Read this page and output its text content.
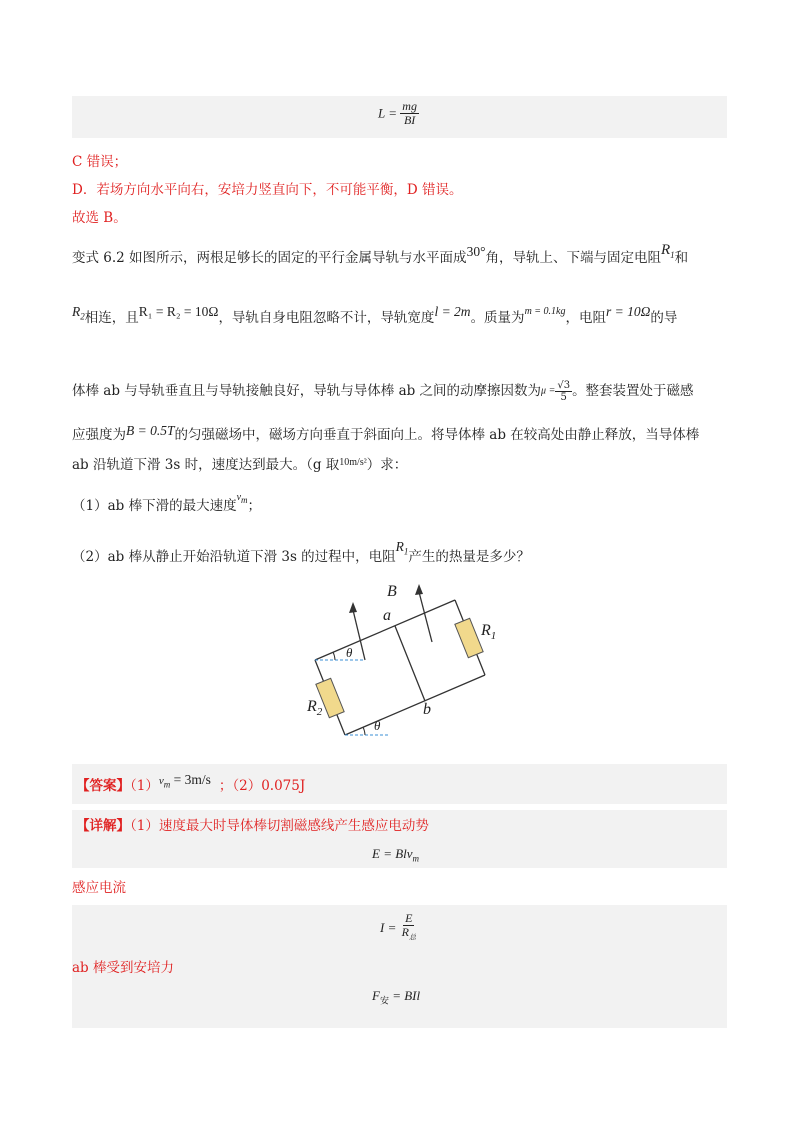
$L = \frac{mg}{BI}$
C 错误；
D．若场方向水平向右，安培力竖直向下，不可能平衡，D 错误。
故选 B。
变式 6.2 如图所示，两根足够长的固定的平行金属导轨与水平面成30°角，导轨上、下端与固定电阻$R_1$和
$R_2$相连，且R₁ = R₂ = 10Ω，导轨自身电阻忽略不计，导轨宽度l = 2m。质量为$^{m = 0.1kg}$，电阻r = 10Ω的导
体棒 ab 与导轨垂直且与导轨接触良好，导轨与导体棒 ab 之间的动摩擦因数为$\mu = \frac{√3}{5}$ 。整套装置处于磁感
应强度为B = 0.5T的匀强磁场中，磁场方向垂直于斜面向上。将导体棒 ab 在较高处由静止释放，当导体棒
ab 沿轨道下滑 3s 时，速度达到最大。（g 取$^{10m/s^2}$）求：
（1）ab 棒下滑的最大速度$^{v_m}$；
（2）ab 棒从静止开始沿轨道下滑 3s 的过程中，电阻$R_1$产生的热量是多少？
B
a
b
θ
θ
$R_1$
$R_2$
【答案】$(1)v_m = 3m/s$ ；（2）0.075J
【详解】（1）速度最大时导体棒切割磁感线产生感应电动势
E = Blv$_m$
感应电流
$I = \frac{E}{R_总}$
ab 棒受到安培力
$F_安$ = BIl
